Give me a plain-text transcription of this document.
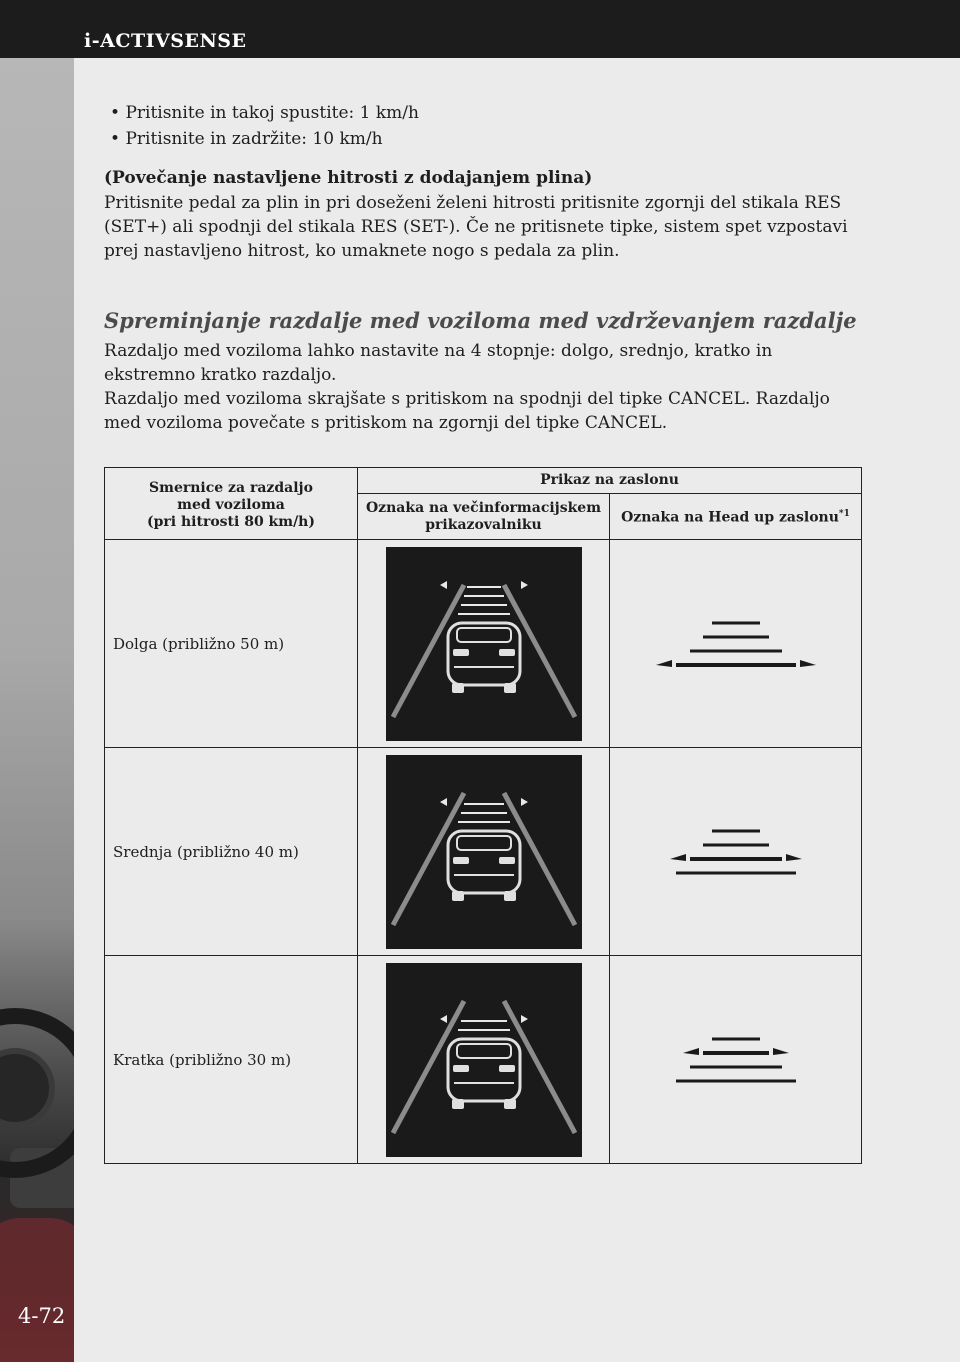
i-ACTIVSENSE
4-72
• Pritisnite in takoj spustite: 1 km/h
• Pritisnite in zadržite: 10 km/h
(Povečanje nastavljene hitrosti z dodajanjem plina)
Pritisnite pedal za plin in pri doseženi želeni hitrosti pritisnite zgornji del stikala RES
(SET+) ali spodnji del stikala RES (SET-). Če ne pritisnete tipke, sistem spet vzpostavi
prej nastavljeno hitrost, ko umaknete nogo s pedala za plin.
Spreminjanje razdalje med voziloma med vzdrževanjem razdalje
Razdaljo med voziloma lahko nastavite na 4 stopnje: dolgo, srednjo, kratko in
ekstremno kratko razdaljo.
Razdaljo med voziloma skrajšate s pritiskom na spodnji del tipke CANCEL. Razdaljo
med voziloma povečate s pritiskom na zgornji del tipke CANCEL.
Smernice za razdaljo
med voziloma
(pri hitrosti 80 km/h)	Prikaz na zaslonu	

	Oznaka na večinformacijskem
prikazovalniku	Oznaka na Head up zaslonu$^{*1}$
Dolga (približno 50 m)	

Srednja (približno 40 m)	

Kratka (približno 30 m)	
